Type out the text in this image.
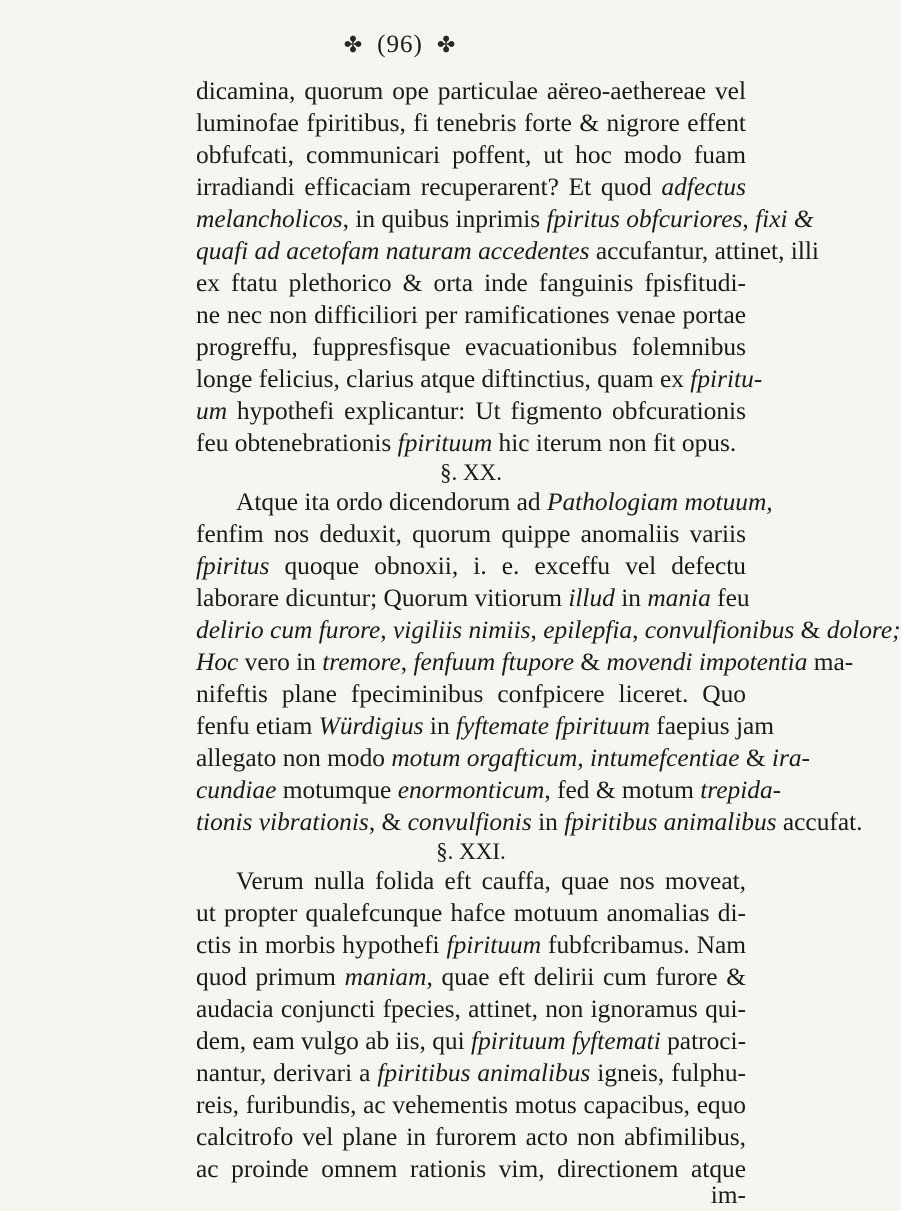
✤ (96) ✤
dicamina, quorum ope particulae aëreo-aethereae vel
luminofae fpiritibus, fi tenebris forte & nigrore effent
obfufcati, communicari poffent, ut hoc modo fuam
irradiandi efficaciam recuperarent? Et quod adfectus
melancholicos, in quibus inprimis fpiritus obfcuriores, fixi &
quafi ad acetofam naturam accedentes accufantur, attinet, illi
ex ftatu plethorico & orta inde fanguinis fpisfitudi-
ne nec non difficiliori per ramificationes venae portae
progreffu, fuppresfisque evacuationibus folemnibus
longe felicius, clarius atque diftinctius, quam ex fpiritu-
um hypothefi explicantur: Ut figmento obfcurationis
feu obtenebrationis fpirituum hic iterum non fit opus.
§. XX.
Atque ita ordo dicendorum ad Pathologiam motuum,
fenfim nos deduxit, quorum quippe anomaliis variis
fpiritus quoque obnoxii, i. e. exceffu vel defectu
laborare dicuntur; Quorum vitiorum illud in mania feu
delirio cum furore, vigiliis nimiis, epilepfia, convulfionibus & dolore;
Hoc vero in tremore, fenfuum ftupore & movendi impotentia ma-
nifeftis plane fpeciminibus confpicere liceret. Quo
fenfu etiam Würdigius in fyftemate fpirituum faepius jam
allegato non modo motum orgafticum, intumefcentiae & ira-
cundiae motumque enormonticum, fed & motum trepida-
tionis vibrationis, & convulfionis in fpiritibus animalibus accufat.
§. XXI.
Verum nulla folida eft cauffa, quae nos moveat,
ut propter qualefcunque hafce motuum anomalias di-
ctis in morbis hypothefi fpirituum fubfcribamus. Nam
quod primum maniam, quae eft delirii cum furore &
audacia conjuncti fpecies, attinet, non ignoramus qui-
dem, eam vulgo ab iis, qui fpirituum fyftemati patroci-
nantur, derivari a fpiritibus animalibus igneis, fulphu-
reis, furibundis, ac vehementis motus capacibus, equo
calcitrofo vel plane in furorem acto non abfimilibus,
ac proinde omnem rationis vim, directionem atque
im-
